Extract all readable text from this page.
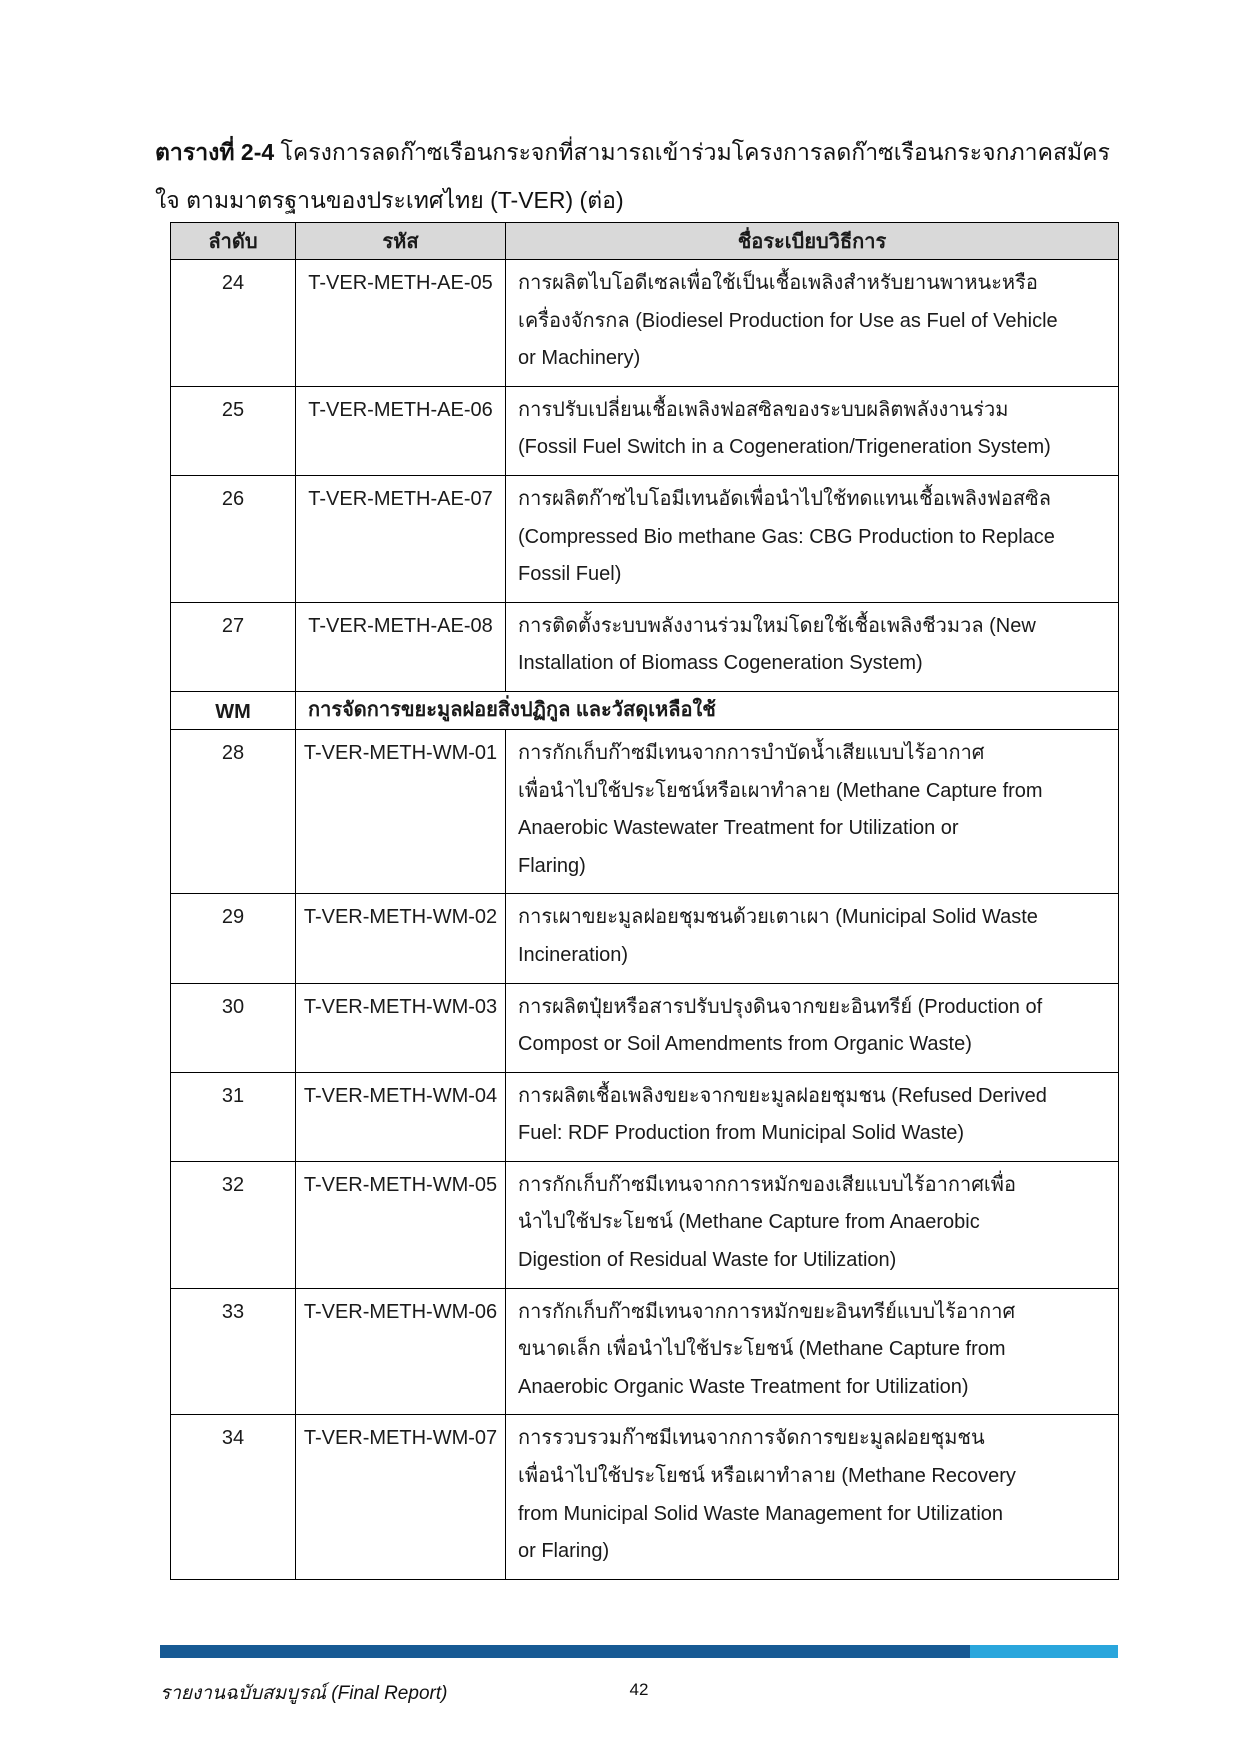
ตารางที่ 2-4 โครงการลดก๊าซเรือนกระจกที่สามารถเข้าร่วมโครงการลดก๊าซเรือนกระจกภาคสมัครใจ ตามมาตรฐานของประเทศไทย (T-VER) (ต่อ)
ลำดับ	รหัส	ชื่อระเบียบวิธีการ
24	T-VER-METH-AE-05	การผลิตไบโอดีเซลเพื่อใช้เป็นเชื้อเพลิงสำหรับยานพาหนะหรือ
เครื่องจักรกล (Biodiesel Production for Use as Fuel of Vehicle
or Machinery)

25	T-VER-METH-AE-06	การปรับเปลี่ยนเชื้อเพลิงฟอสซิลของระบบผลิตพลังงานร่วม
(Fossil Fuel Switch in a Cogeneration/Trigeneration System)

26	T-VER-METH-AE-07	การผลิตก๊าซไบโอมีเทนอัดเพื่อนำไปใช้ทดแทนเชื้อเพลิงฟอสซิล
(Compressed Bio methane Gas: CBG Production to Replace
Fossil Fuel)

27	T-VER-METH-AE-08	การติดตั้งระบบพลังงานร่วมใหม่โดยใช้เชื้อเพลิงชีวมวล (New
Installation of Biomass Cogeneration System)

WM	การจัดการขยะมูลฝอยสิ่งปฏิกูล และวัสดุเหลือใช้	
28	T-VER-METH-WM-01	การกักเก็บก๊าซมีเทนจากการบำบัดน้ำเสียแบบไร้อากาศ
เพื่อนำไปใช้ประโยชน์หรือเผาทำลาย (Methane Capture from
Anaerobic Wastewater Treatment for Utilization or
Flaring)

29	T-VER-METH-WM-02	การเผาขยะมูลฝอยชุมชนด้วยเตาเผา (Municipal Solid Waste
Incineration)

30	T-VER-METH-WM-03	การผลิตปุ๋ยหรือสารปรับปรุงดินจากขยะอินทรีย์ (Production of
Compost or Soil Amendments from Organic Waste)

31	T-VER-METH-WM-04	การผลิตเชื้อเพลิงขยะจากขยะมูลฝอยชุมชน (Refused Derived
Fuel: RDF Production from Municipal Solid Waste)

32	T-VER-METH-WM-05	การกักเก็บก๊าซมีเทนจากการหมักของเสียแบบไร้อากาศเพื่อ
นำไปใช้ประโยชน์ (Methane Capture from Anaerobic
Digestion of Residual Waste for Utilization)

33	T-VER-METH-WM-06	การกักเก็บก๊าซมีเทนจากการหมักขยะอินทรีย์แบบไร้อากาศ
ขนาดเล็ก เพื่อนำไปใช้ประโยชน์ (Methane Capture from
Anaerobic Organic Waste Treatment for Utilization)

34	T-VER-METH-WM-07	การรวบรวมก๊าซมีเทนจากการจัดการขยะมูลฝอยชุมชน
เพื่อนำไปใช้ประโยชน์ หรือเผาทำลาย (Methane Recovery
from Municipal Solid Waste Management for Utilization
or Flaring)
รายงานฉบับสมบูรณ์ (Final Report)	42
